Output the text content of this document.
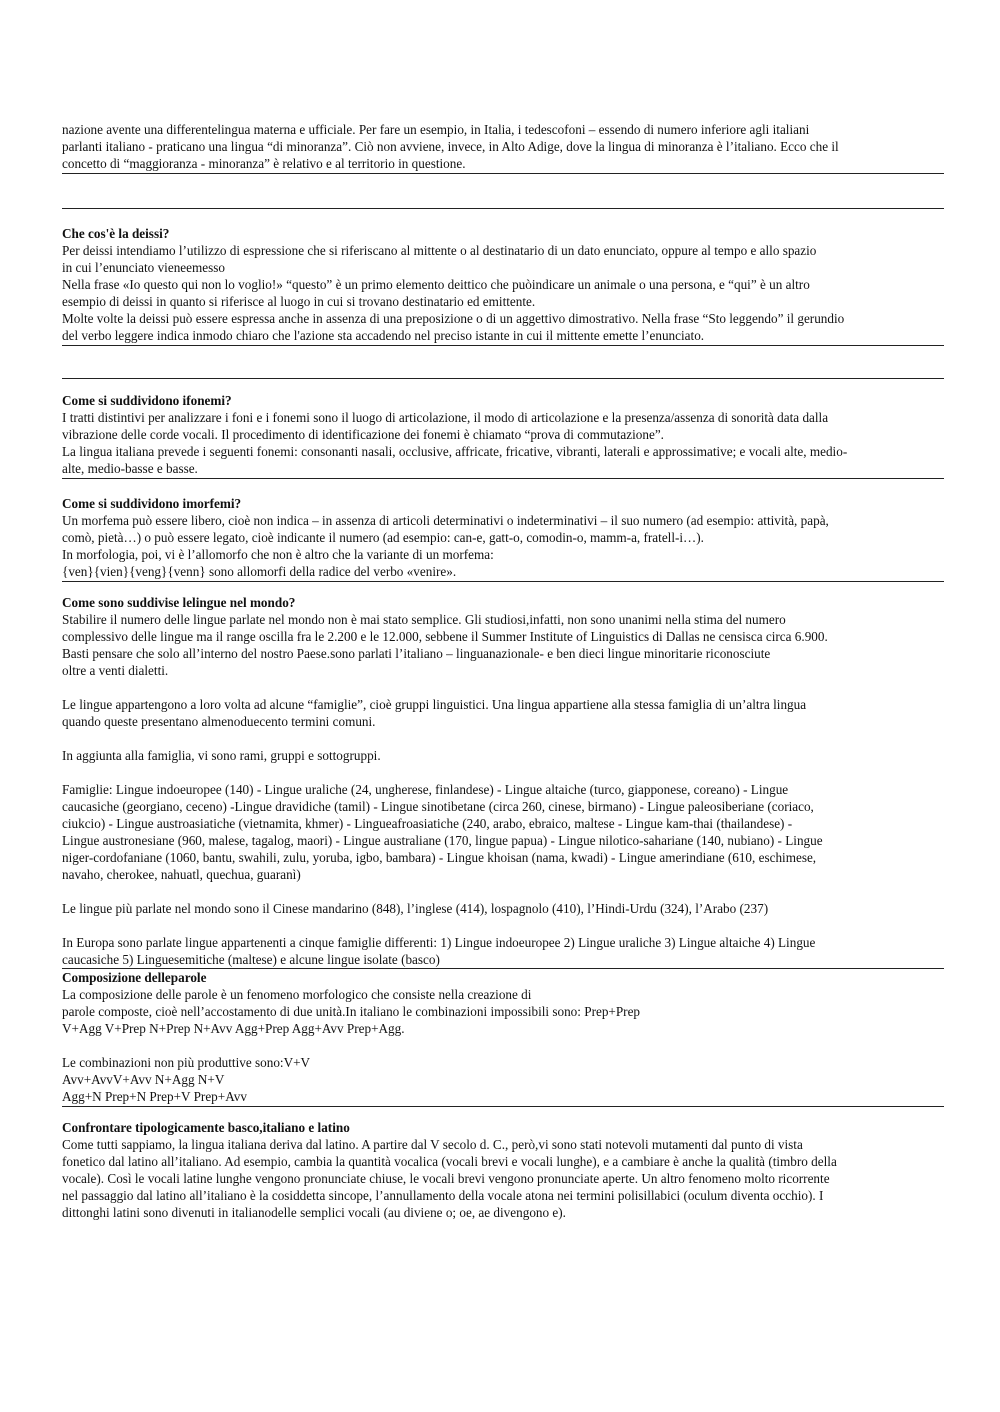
nazione avente una differentelingua materna e ufficiale. Per fare un esempio, in Italia, i tedescofoni – essendo di numero inferiore agli italiani
parlanti italiano - praticano una lingua “di minoranza”. Ciò non avviene, invece, in Alto Adige, dove la lingua di minoranza è l’italiano. Ecco che il
concetto di “maggioranza - minoranza” è relativo e al territorio in questione.
Che cos'è la deissi?
Per deissi intendiamo l’utilizzo di espressione che si riferiscano al mittente o al destinatario di un dato enunciato, oppure al tempo e allo spazio
in cui l’enunciato vieneemesso
Nella frase «Io questo qui non lo voglio!» “questo” è un primo elemento deittico che puòindicare un animale o una persona, e “qui” è un altro
esempio di deissi in quanto si riferisce al luogo in cui si trovano destinatario ed emittente.
Molte volte la deissi può essere espressa anche in assenza di una preposizione o di un aggettivo dimostrativo. Nella frase “Sto leggendo” il gerundio
del verbo leggere indica inmodo chiaro che l'azione sta accadendo nel preciso istante in cui il mittente emette l’enunciato.
Come si suddividono ifonemi?
I tratti distintivi per analizzare i foni e i fonemi sono il luogo di articolazione, il modo di articolazione e la presenza/assenza di sonorità data dalla
vibrazione delle corde vocali. Il procedimento di identificazione dei fonemi è chiamato “prova di commutazione”.
La lingua italiana prevede i seguenti fonemi: consonanti nasali, occlusive, affricate, fricative, vibranti, laterali e approssimative; e vocali alte, medio-
alte, medio-basse e basse.
Come si suddividono imorfemi?
Un morfema può essere libero, cioè non indica – in assenza di articoli determinativi o indeterminativi – il suo numero (ad esempio: attività, papà,
comò, pietà…) o può essere legato, cioè indicante il numero (ad esempio: can-e, gatt-o, comodin-o, mamm-a, fratell-i…).
In morfologia, poi, vi è l’allomorfo che non è altro che la variante di un morfema:
{ven}{vien}{veng}{venn} sono allomorfi della radice del verbo «venire».
Come sono suddivise lelingue nel mondo?
Stabilire il numero delle lingue parlate nel mondo non è mai stato semplice. Gli studiosi,infatti, non sono unanimi nella stima del numero
complessivo delle lingue ma il range oscilla fra le 2.200 e le 12.000, sebbene il Summer Institute of Linguistics di Dallas ne censisca circa 6.900.
Basti pensare che solo all’interno del nostro Paese.sono parlati l’italiano – linguanazionale- e ben dieci lingue minoritarie riconosciute
oltre a venti dialetti.
Le lingue appartengono a loro volta ad alcune “famiglie”, cioè gruppi linguistici. Una lingua appartiene alla stessa famiglia di un’altra lingua
quando queste presentano almenoduecento termini comuni.
In aggiunta alla famiglia, vi sono rami, gruppi e sottogruppi.
Famiglie: Lingue indoeuropee (140) - Lingue uraliche (24, ungherese, finlandese) - Lingue altaiche (turco, giapponese, coreano) - Lingue
caucasiche (georgiano, ceceno) -Lingue dravidiche (tamil) - Lingue sinotibetane (circa 260, cinese, birmano) - Lingue paleosiberiane (coriaco,
ciukcio) - Lingue austroasiatiche (vietnamita, khmer) - Linguea​froasiatiche (240, arabo, ebraico, maltese - Lingue kam-thai (thailandese) -
Lingue austronesiane (960, malese, tagalog, maori) - Lingue australiane (170, lingue papua) - Lingue nilotico-sahariane (140, nubiano) - Lingue
niger-cordofaniane (1060, bantu, swahili, zulu, yoruba, igbo, bambara) - Lingue khoisan (nama, kwadi) - Lingue amerindiane (610, eschimese,
navaho, cherokee, nahuatl, quechua, guaranì)
Le lingue più parlate nel mondo sono il Cinese mandarino (848), l’inglese (414), lospagnolo (410), l’Hindi-Urdu (324), l’Arabo (237)
In Europa sono parlate lingue appartenenti a cinque famiglie differenti: 1) Lingue indoeuropee 2) Lingue uraliche 3) Lingue altaiche 4) Lingue
caucasiche 5) Linguesemitiche (maltese) e alcune lingue isolate (basco)
Composizione delleparole
La composizione delle parole è un fenomeno morfologico che consiste nella creazione di
parole composte, cioè nell’accostamento di due unità.In italiano le combinazioni impossibili sono: Prep+Prep
V+Agg V+Prep N+Prep N+Avv Agg+Prep Agg+Avv Prep+Agg.
Le combinazioni non più produttive sono:V+V
Avv+AvvV+Avv N+Agg N+V
Agg+N Prep+N Prep+V Prep+Avv
Confrontare tipologicamente basco,italiano e latino
Come tutti sappiamo, la lingua italiana deriva dal latino. A partire dal V secolo d. C., però,vi sono stati notevoli mutamenti dal punto di vista
fonetico dal latino all’italiano. Ad esempio, cambia la quantità vocalica (vocali brevi e vocali lunghe), e a cambiare è anche la qualità (timbro della
vocale). Così le vocali latine lunghe vengono pronunciate chiuse, le vocali brevi vengono pronunciate aperte. Un altro fenomeno molto ricorrente
nel passaggio dal latino all’italiano è la cosiddetta sincope, l’annullamento della vocale atona nei termini polisillabici (oculum diventa occhio). I
dittonghi latini sono divenuti in italianodelle semplici vocali (au diviene o; oe, ae divengono e).
